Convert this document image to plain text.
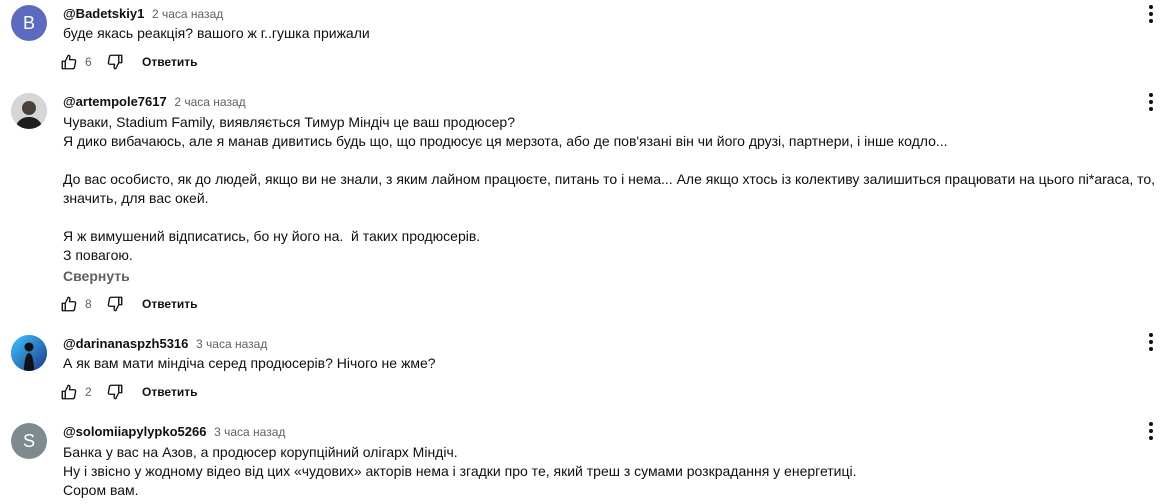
B @Badetskiy1 2 часа назад
буде якась реакція? вашого ж г..гушка прижали
6	Ответить
@artempole7617 2 часа назад
Чуваки, Stadium Family, виявляється Тимур Міндіч це ваш продюсер?
Я дико вибачаюсь, але я манав дивитись будь що, що продюсує ця мерзота, або де пов'язані він чи його друзі, партнери, і інше кодло...

До вас особисто, як до людей, якщо ви не знали, з яким лайном працюєте, питань то і нема... Але якщо хтось із колективу залишиться працювати на цього пі*araca, то, значить, для вас окей.

Я ж вимушений відписатись, бо ну його на.  й таких продюсерів.
З повагою.
Свернуть
8	Ответить
@darinanaspzh5316 3 часа назад
А як вам мати міндіча серед продюсерів? Нічого не жме?
2	Ответить
S @solomiiapylypko5266 3 часа назад
Банка у вас на Азов, а продюсер корупційний олігарх Міндіч.
Ну і звісно у жодному відео від цих «чудових» акторів нема і згадки про те, який треш з сумами розкрадання у енергетиці.
Сором вам.
